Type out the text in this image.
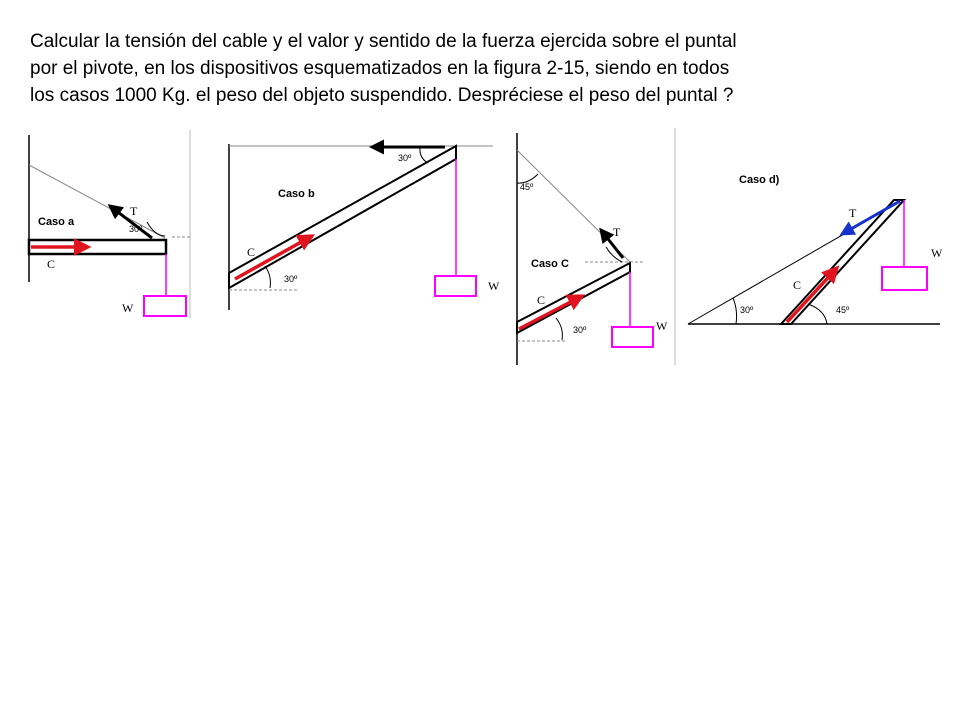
Calcular la tensión del cable y el valor y sentido de la fuerza ejercida sobre el puntal
por el pivote, en los dispositivos esquematizados en la figura 2-15, siendo en todos
los casos 1000 Kg. el peso del objeto suspendido. Despréciese el peso del puntal ?

Caso a
T
30º
C
W
30º
Caso b
C
30º	W
45º
T
Caso C
C
30º	W
Caso d)
T
W
C
30º	45º
